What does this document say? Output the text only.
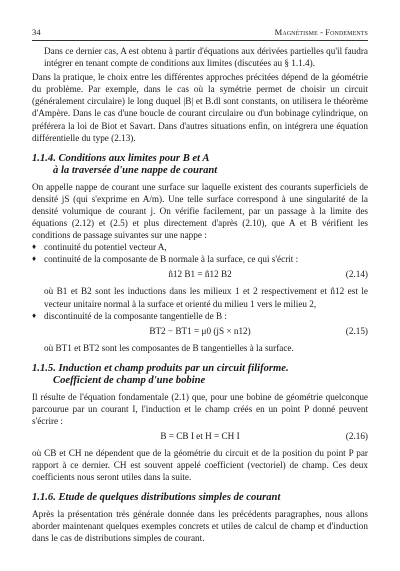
34	Magnétisme - Fondements

Dans ce dernier cas, A est obtenu à partir d'équations aux dérivées partielles qu'il faudra intégrer en tenant compte de conditions aux limites (discutées au § 1.1.4).

Dans la pratique, le choix entre les différentes approches précitées dépend de la géométrie du problème. Par exemple, dans le cas où la symétrie permet de choisir un circuit (généralement circulaire) le long duquel |B| et B.dl sont constants, on utilisera le théorème d'Ampère. Dans le cas d'une boucle de courant circulaire ou d'un bobinage cylindrique, on préférera la loi de Biot et Savart. Dans d'autres situations enfin, on intégrera une équation différentielle du type (2.13).

1.1.4. Conditions aux limites pour B et A
à la traversée d'une nappe de courant

On appelle nappe de courant une surface sur laquelle existent des courants superficiels de densité jS (qui s'exprime en A/m). Une telle surface correspond à une singularité de la densité volumique de courant j. On vérifie facilement, par un passage à la limite des équations (2.12) et (2.5) et plus directement d'après (2.10), que A et B vérifient les conditions de passage suivantes sur une nappe :

♦ continuité du potentiel vecteur A,
♦ continuité de la composante de B normale à la surface, ce qui s'écrit :
n̂12 B1 = n̂12 B2	(2.14)

où B1 et B2 sont les inductions dans les milieux 1 et 2 respectivement et n̂12 est le vecteur unitaire normal à la surface et orienté du milieu 1 vers le milieu 2,

♦ discontinuité de la composante tangentielle de B :
BT2 − BT1 = μ0 (jS × n12)	(2.15)

où BT1 et BT2 sont les composantes de B tangentielles à la surface.

1.1.5. Induction et champ produits par un circuit filiforme.
Coefficient de champ d'une bobine

Il résulte de l'équation fondamentale (2.1) que, pour une bobine de géométrie quelconque parcourue par un courant I, l'induction et le champ créés en un point P donné peuvent s'écrire :

B = CB I et H = CH I	(2.16)

où CB et CH ne dépendent que de la géométrie du circuit et de la position du point P par rapport à ce dernier. CH est souvent appelé coefficient (vectoriel) de champ. Ces deux coefficients nous seront utiles dans la suite.

1.1.6. Etude de quelques distributions simples de courant

Après la présentation très générale donnée dans les précédents paragraphes, nous allons aborder maintenant quelques exemples concrets et utiles de calcul de champ et d'induction dans le cas de distributions simples de courant.
